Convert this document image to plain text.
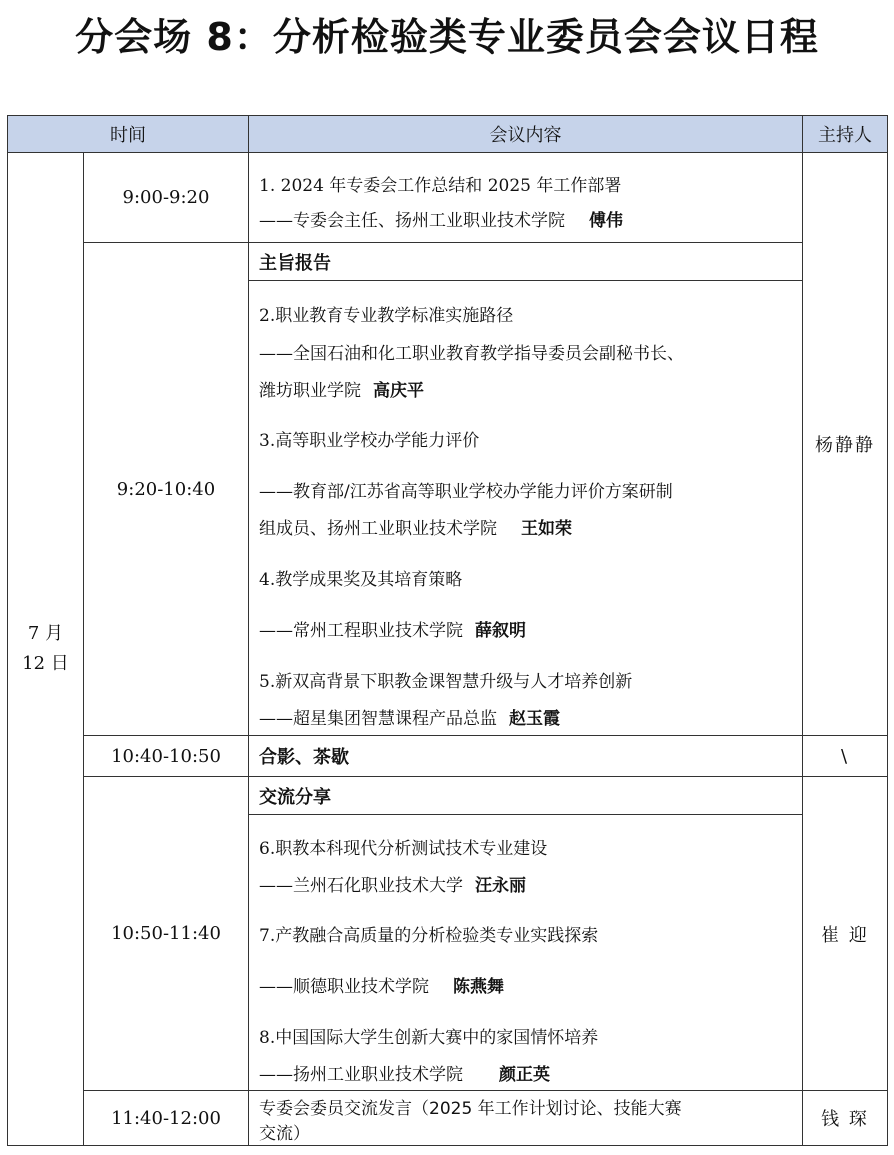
分会场 8：分析检验类专业委员会会议日程
时间	会议内容	主持人
7 月
12 日
9:00-9:20
9:20-10:40
10:40-10:50
10:50-11:40
11:40-12:00
杨静静
\
崔 迎
钱 琛
1. 2024 年专委会工作总结和 2025 年工作部署
——专委会主任、扬州工业职业技术学院 傅伟
主旨报告
2.职业教育专业教学标准实施路径
——全国石油和化工职业教育教学指导委员会副秘书长、
潍坊职业学院 高庆平
3.高等职业学校办学能力评价
——教育部/江苏省高等职业学校办学能力评价方案研制
组成员、扬州工业职业技术学院 王如荣
4.教学成果奖及其培育策略
——常州工程职业技术学院 薛叙明
5.新双高背景下职教金课智慧升级与人才培养创新
——超星集团智慧课程产品总监 赵玉霞
合影、茶歇
交流分享
6.职教本科现代分析测试技术专业建设
——兰州石化职业技术大学 汪永丽
7.产教融合高质量的分析检验类专业实践探索
——顺德职业技术学院 陈燕舞
8.中国国际大学生创新大赛中的家国情怀培养
——扬州工业职业技术学院 颜正英
专委会委员交流发言（2025 年工作计划讨论、技能大赛
交流）
